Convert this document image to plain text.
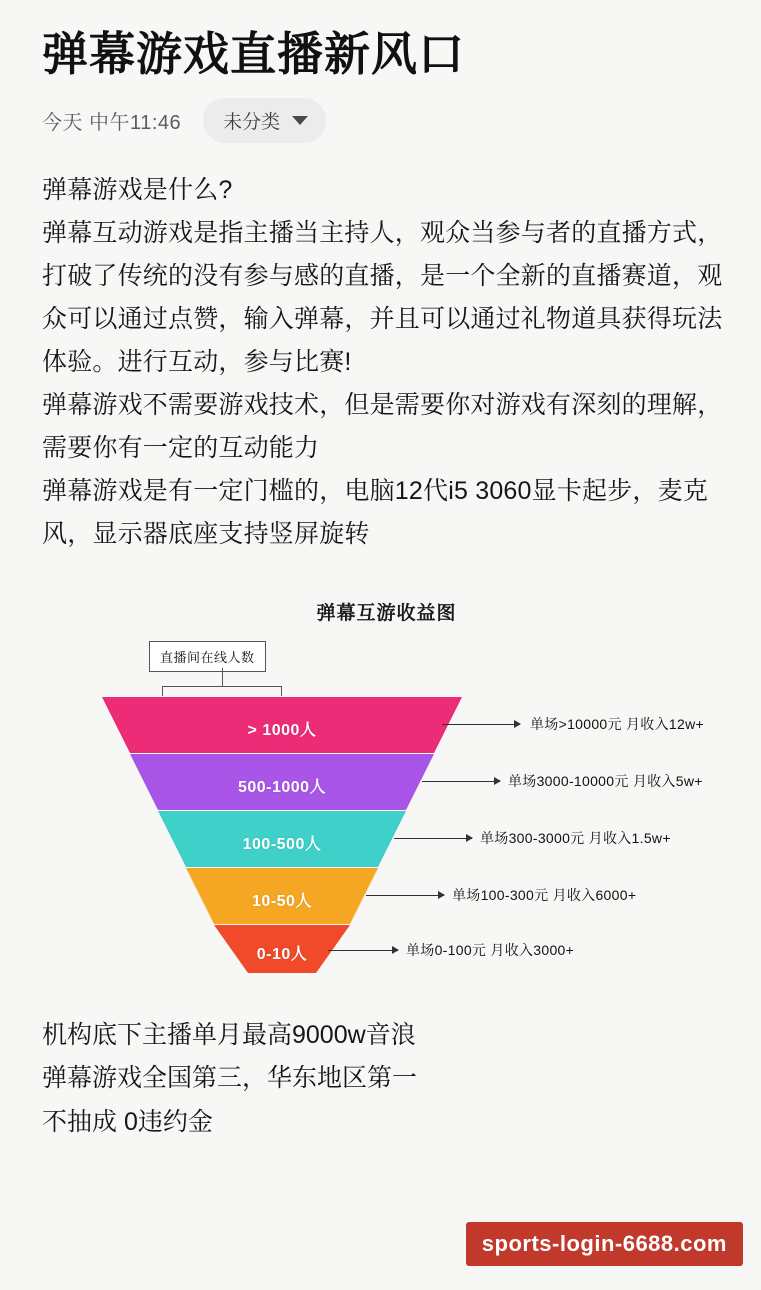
弹幕游戏直播新风口
今天 中午11:46 未分类

弹幕游戏是什么?

弹幕互动游戏是指主播当主持人，观众当参与者的直播方式，打破了传统的没有参与感的直播，是一个全新的直播赛道，观众可以通过点赞，输入弹幕，并且可以通过礼物道具获得玩法体验。进行互动，参与比赛!

弹幕游戏不需要游戏技术，但是需要你对游戏有深刻的理解，需要你有一定的互动能力

弹幕游戏是有一定门槛的，电脑12代i5 3060显卡起步，麦克风，显示器底座支持竖屏旋转

弹幕互游收益图
直播间在线人数
> 1000人
500-1000人
100-500人
10-50人
0-10人
单场>10000元 月收入12w+
单场3000-10000元 月收入5w+
单场300-3000元 月收入1.5w+
单场100-300元 月收入6000+
单场0-100元 月收入3000+

机构底下主播单月最高9000w音浪

弹幕游戏全国第三，华东地区第一

不抽成 0违约金

sports-login-6688.com
